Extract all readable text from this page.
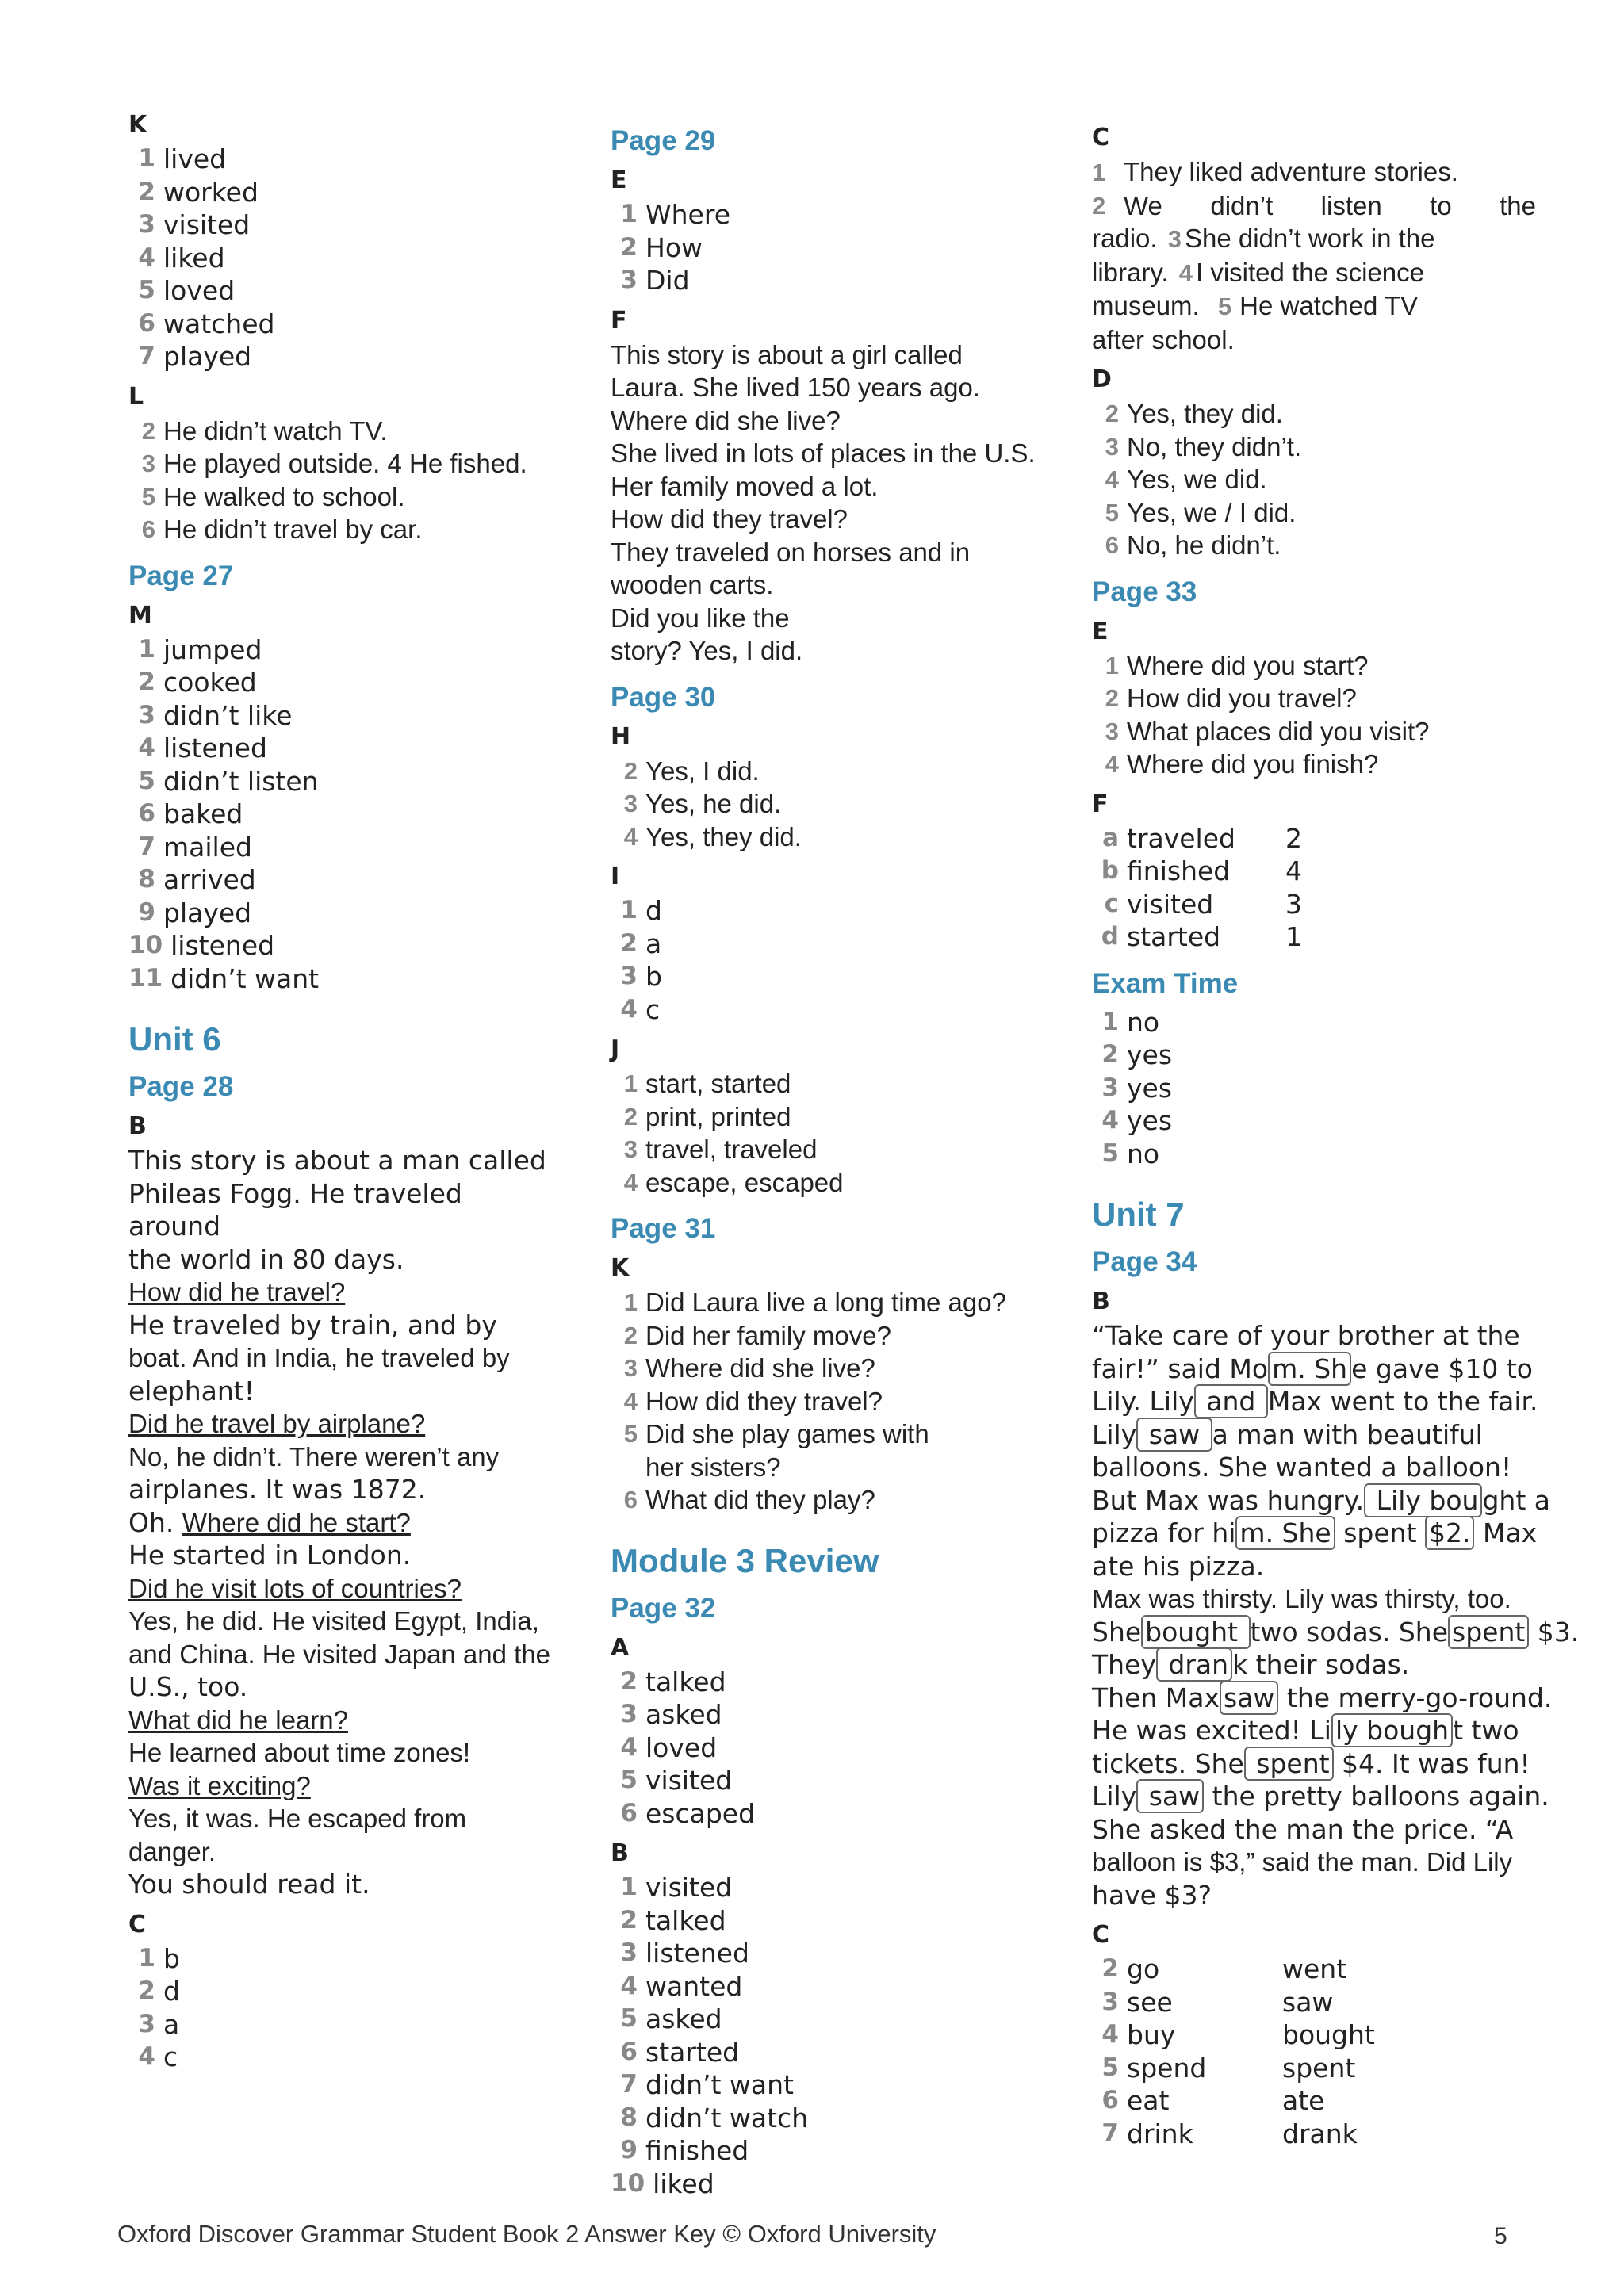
K
1 lived
2 worked
3 visited
4 liked
5 loved
6 watched
7 played
L
2 He didn’t watch TV.
3 He played outside. 4 He fished.
5 He walked to school.
6 He didn’t travel by car.
Page 27
M
1 jumped
2 cooked
3 didn’t like
4 listened
5 didn’t listen
6 baked
7 mailed
8 arrived
9 played
10 listened
11 didn’t want
Unit 6
Page 28
B
This story is about a man called
Phileas Fogg. He traveled around
the world in 80 days.
How did he travel?
He traveled by train, and by
boat. And in India, he traveled by
elephant!
Did he travel by airplane?
No, he didn’t. There weren’t any
airplanes. It was 1872.
Oh. Where did he start?
He started in London.
Did he visit lots of countries?
Yes, he did. He visited Egypt, India,
and China. He visited Japan and the
U.S., too.
What did he learn?
He learned about time zones!
Was it exciting?
Yes, it was. He escaped from danger.
You should read it.
C
1 b
2 d
3 a
4 c
Page 29
E
1 Where
2 How
3 Did
F
This story is about a girl called
Laura. She lived 150 years ago.
Where did she live?
She lived in lots of places in the U.S.
Her family moved a lot.
How did they travel?
They traveled on horses and in
wooden carts.
Did you like the
story? Yes, I did.
Page 30
H
2 Yes, I did.
3 Yes, he did.
4 Yes, they did.
I
1 d
2 a
3 b
4 c
J
1 start, started
2 print, printed
3 travel, traveled
4 escape, escaped
Page 31
K
1 Did Laura live a long time ago?
2 Did her family move?
3 Where did she live?
4 How did they travel?
5 Did she play games with
her sisters?
6 What did they play?
Module 3 Review
Page 32
A
2 talked
3 asked
4 loved
5 visited
6 escaped
B
1 visited
2 talked
3 listened
4 wanted
5 asked
6 started
7 didn’t want
8 didn’t watch
9 finished
10 liked
C
1 They liked adventure stories.
2 We didn’t listen to the
radio. 3 She didn’t work in the
library. 4 I visited the science
museum. 5 He watched TV
after school.
D
2 Yes, they did.
3 No, they didn’t.
4 Yes, we did.
5 Yes, we / I did.
6 No, he didn’t.
Page 33
E
1 Where did you start?
2 How did you travel?
3 What places did you visit?
4 Where did you finish?
F
a traveled	2
b finished	4
c visited	3
d started	1
Exam Time
1 no
2 yes
3 yes
4 yes
5 no
Unit 7
Page 34
B
“Take care of your brother at the
fair!” said Mo m. Sh e gave $10 to
Lily. Lily and Max went to the fair.
Lily saw a man with beautiful
balloons. She wanted a balloon!
But Max was hungry. Lily bou ght a
pizza for hi m. She spent $2. Max
ate his pizza.
Max was thirsty. Lily was thirsty, too.
She bought two sodas. She spent $3.
They dran k their sodas.
Then Max saw the merry-go-round.
He was excited! Li ly bough t two
tickets. She spent $4. It was fun!
Lily saw the pretty balloons again.
She asked the man the price. “A
balloon is $3,” said the man. Did Lily
have $3?
C
2 go	went
3 see	saw
4 buy	bought
5 spend	spent
6 eat	ate
7 drink	drank
Oxford Discover Grammar Student Book 2 Answer Key © Oxford University	5
